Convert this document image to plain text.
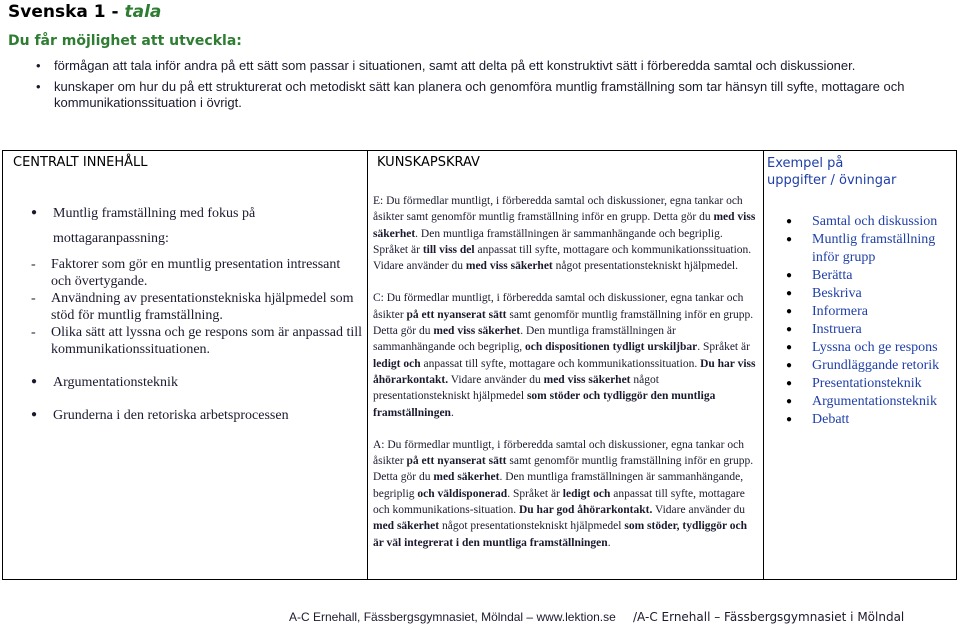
Svenska 1 - tala
Du får möjlighet att utveckla:
• förmågan att tala inför andra på ett sätt som passar i situationen, samt att delta på ett konstruktivt sätt i förberedda samtal och diskussioner.
• kunskaper om hur du på ett strukturerat och metodiskt sätt kan planera och genomföra muntlig framställning som tar hänsyn till syfte, mottagare och kommunikationssituation i övrigt.
CENTRALT INNEHÅLL	KUNSKAPSKRAV	Exempel på
uppgifter / övningar
● Muntlig framställning med fokus på
mottagaranpassning:
- Faktorer som gör en muntlig presentation intressant och övertygande.
- Användning av presentationstekniska hjälpmedel som stöd för muntlig framställning.
- Olika sätt att lyssna och ge respons som är anpassad till kommunikationssituationen.
● Argumentationsteknik
● Grunderna i den retoriska arbetsprocessen

E: Du förmedlar muntligt, i förberedda samtal och diskussioner, egna tankar och åsikter samt genomför muntlig framställning inför en grupp. Detta gör du med viss säkerhet. Den muntliga framställningen är sammanhängande och begriplig. Språket är till viss del anpassat till syfte, mottagare och kommunikationssituation. Vidare använder du med viss säkerhet något presentationstekniskt hjälpmedel.

C: Du förmedlar muntligt, i förberedda samtal och diskussioner, egna tankar och åsikter på ett nyanserat sätt samt genomför muntlig framställning inför en grupp. Detta gör du med viss säkerhet. Den muntliga framställningen är sammanhängande och begriplig, och dispositionen tydligt urskiljbar. Språket är ledigt och anpassat till syfte, mottagare och kommunikationssituation. Du har viss åhörarkontakt. Vidare använder du med viss säkerhet något presentationstekniskt hjälpmedel som stöder och tydliggör den muntliga framställningen.

A: Du förmedlar muntligt, i förberedda samtal och diskussioner, egna tankar och åsikter på ett nyanserat sätt samt genomför muntlig framställning inför en grupp. Detta gör du med säkerhet. Den muntliga framställningen är sammanhängande, begriplig och väldisponerad. Språket är ledigt och anpassat till syfte, mottagare och kommunikations-situation. Du har god åhörarkontakt. Vidare använder du med säkerhet något presentationstekniskt hjälpmedel som stöder, tydliggör och är väl integrerat i den muntliga framställningen.

● Samtal och diskussion
● Muntlig framställning inför grupp
● Berätta
● Beskriva
● Informera
● Instruera
● Lyssna och ge respons
● Grundläggande retorik
● Presentationsteknik
● Argumentationsteknik
● Debatt
A-C Ernehall, Fässbergsgymnasiet, Mölndal – www.lektion.se /A-C Ernehall – Fässbergsgymnasiet i Mölndal
